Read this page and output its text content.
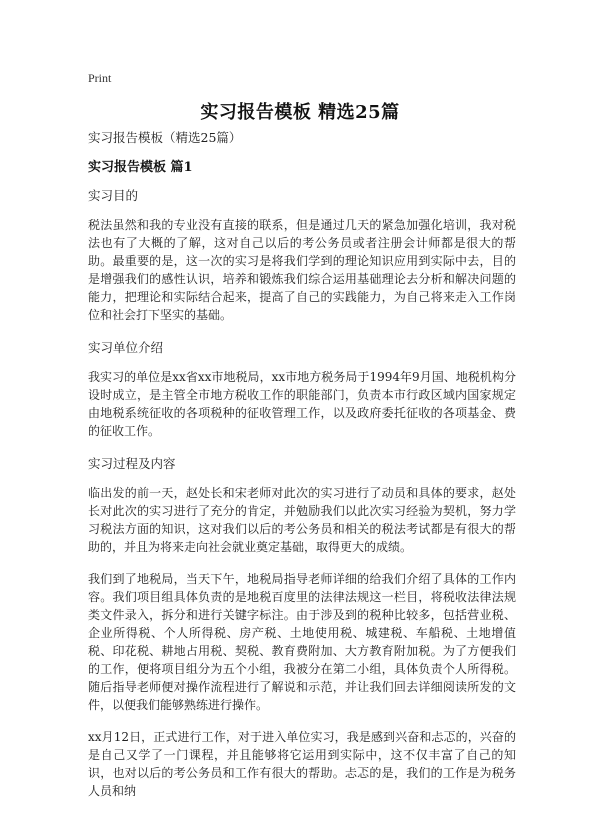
Print
实习报告模板 精选25篇
实习报告模板（精选25篇）
实习报告模板 篇1
实习目的
税法虽然和我的专业没有直接的联系，但是通过几天的紧急加强化培训，我对税法也有了大概的了解，这对自己以后的考公务员或者注册会计师都是很大的帮助。最重要的是，这一次的实习是将我们学到的理论知识应用到实际中去，目的是增强我们的感性认识，培养和锻炼我们综合运用基础理论去分析和解决问题的能力，把理论和实际结合起来，提高了自己的实践能力，为自己将来走入工作岗位和社会打下坚实的基础。
实习单位介绍
我实习的单位是xx省xx市地税局，xx市地方税务局于1994年9月国、地税机构分设时成立，是主管全市地方税收工作的职能部门，负责本市行政区域内国家规定由地税系统征收的各项税种的征收管理工作，以及政府委托征收的各项基金、费的征收工作。
实习过程及内容
临出发的前一天，赵处长和宋老师对此次的实习进行了动员和具体的要求，赵处长对此次的实习进行了充分的肯定，并勉励我们以此次实习经验为契机，努力学习税法方面的知识，这对我们以后的考公务员和相关的税法考试都是有很大的帮助的，并且为将来走向社会就业奠定基础，取得更大的成绩。
我们到了地税局，当天下午，地税局指导老师详细的给我们介绍了具体的工作内容。我们项目组具体负责的是地税百度里的法律法规这一栏目，将税收法律法规类文件录入，拆分和进行关键字标注。由于涉及到的税种比较多，包括营业税、企业所得税、个人所得税、房产税、土地使用税、城建税、车船税、土地增值税、印花税、耕地占用税、契税、教育费附加、大方教育附加税。为了方便我们的工作，便将项目组分为五个小组，我被分在第二小组，具体负责个人所得税。随后指导老师便对操作流程进行了解说和示范，并让我们回去详细阅读所发的文件，以便我们能够熟练进行操作。
xx月12日，正式进行工作，对于进入单位实习，我是感到兴奋和忐忑的，兴奋的是自己又学了一门课程，并且能够将它运用到实际中，这不仅丰富了自己的知识，也对以后的考公务员和工作有很大的帮助。忐忑的是，我们的工作是为税务人员和纳
